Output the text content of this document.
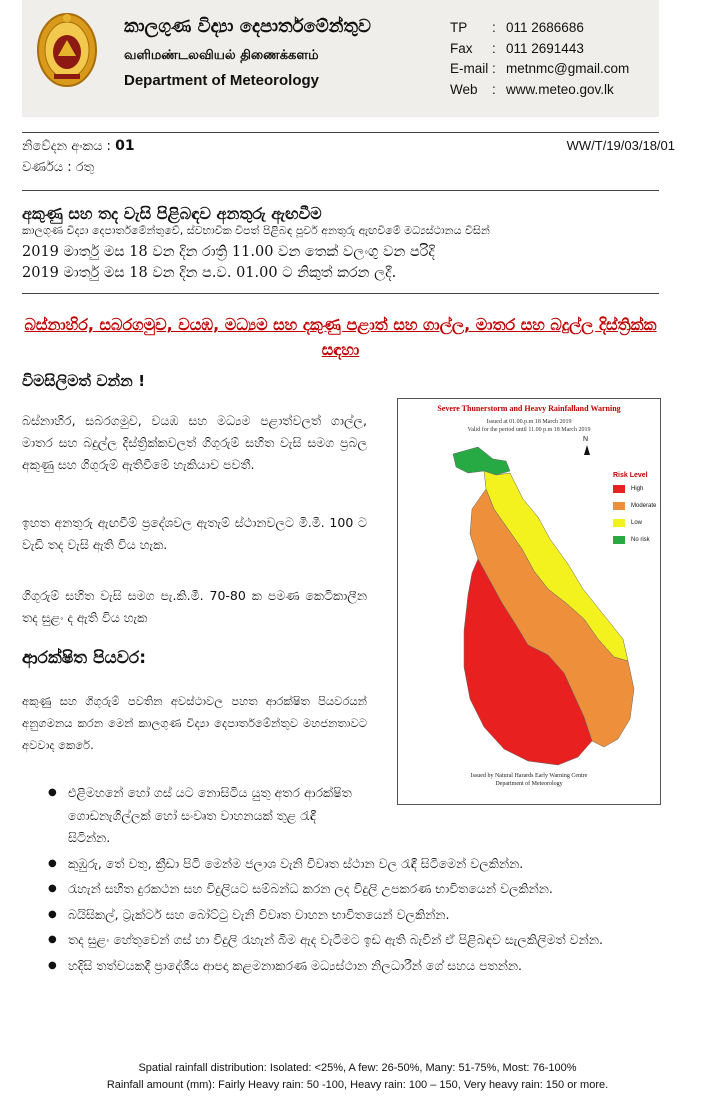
කාලගුණ විද්‍යා දෙපාර්තමේන්තුව
வளிமண்டலவியல் திணைக்களம்
Department of Meteorology
TP	: 011 2686686
Fax	: 011 2691443
E-mail : metnmc@gmail.com
Web	: www.meteo.gov.lk
නිවේදන අංකය : 01	WW/T/19/03/18/01
වර්ණය : රතු
අකුණු සහ තද වැසි පිළිබඳව අනතුරු ඇඟවීම
කාලගුණ විද්‍යා දෙපාර්තමේන්තුවේ, ස්වභාවික විපත් පිළිබඳ පූර්ව අනතුරු ඇඟවීමේ මධ්‍යස්ථානය විසින්
2019 මාර්තු මස 18 වන දින රාත්‍රි 11.00 වන තෙක් වලංගු වන පරිදි
2019 මාර්තු මස 18 වන දින ප.ව. 01.00 ට නිකුත් කරන ලදී.
බස්නාහිර, සබරගමුව, වයඹ, මධ්‍යම සහ දකුණු පළාත් සහ ගාල්ල, මාතර සහ බදුල්ල දිස්ත්‍රික්ක සඳහා
විමසිලිමත් වන්න !
බස්නාහිර, සබරගමුව, වයඹ සහ මධ්‍යම පළාත්වලත් ගාල්ල, මාතර සහ බදුල්ල දිස්ත්‍රික්කවලත් ගිගුරුම් සහිත වැසි සමග ප්‍රබල අකුණු සහ ගිගුරුම් ඇතිවීමේ හැකියාව පවතී.
ඉහත අනතුරු ඇඟවීම් ප්‍රදේශවල ඇතැම් ස්ථානවලට මි.මී. 100 ට වැඩි තද වැසි ඇති විය හැක.
ගිගුරුම් සහිත වැසි සමග පැ.කි.මී. 70-80 ක පමණ කෙටිකාලීන තද සුළං ද ඇති විය හැක
ආරක්ෂිත පියවර:
අකුණු සහ ගිගුරුම් පවතින අවස්ථාවල පහත ආරක්ෂිත පියවරයන් අනුගමනය කරන මෙන් කාලගුණ විද්‍යා දෙපාර්තමේන්තුව මහජනතාවට අවවාද කෙරේ.
Severe Thunerstorm and Heavy Rainfalland Warning
Issued at 01.00.p.m 18 March 2019
Valid for the period until 11.00 p.m 18 March 2019
N
Risk Level
High
Moderate
Low
No risk
Issued by Natural Harards Early Warning Centre
Department of Meteorology
● එළිමහනේ හෝ ගස් යට නොසිටිය යුතු අතර ආරක්ෂිත ගොඩනැගිල්ලක් හෝ සංවෘත වාහනයක් තුළ රැඳී සිටින්න.
● කුඹුරු, තේ වතු, ක්‍රීඩා පිටි මෙන්ම ජලාශ වැනි විවෘත ස්ථාන වල රැඳී සිටීමෙන් වලකින්න.
● රැහැන් සහිත දුරකථන සහ විදුලියට සම්බන්ධ කරන ලද විදුලි උපකරණ භාවිතයෙන් වලකින්න.
● බයිසිකල්, ට්‍රැක්ටර් සහ බෝට්ටු වැනි විවෘත වාහන භාවිතයෙන් වලකින්න.
● තද සුළං හේතුවෙන් ගස් හා විදුලි රැහැන් බිම ඇද වැටීමට ඉඩ ඇති බැවින් ඒ පිළිබඳව සැලකිලිමත් වන්න.
● හදිසි තත්වයකදී ප්‍රාදේශීය ආපදා කළමනාකරණ මධ්‍යස්ථාන නිලධාරීන් ගේ සහය පතන්න.
Spatial rainfall distribution: Isolated: <25%, A few: 26-50%, Many: 51-75%, Most: 76-100%
Rainfall amount (mm): Fairly Heavy rain: 50 -100, Heavy rain: 100 – 150, Very heavy rain: 150 or more.
